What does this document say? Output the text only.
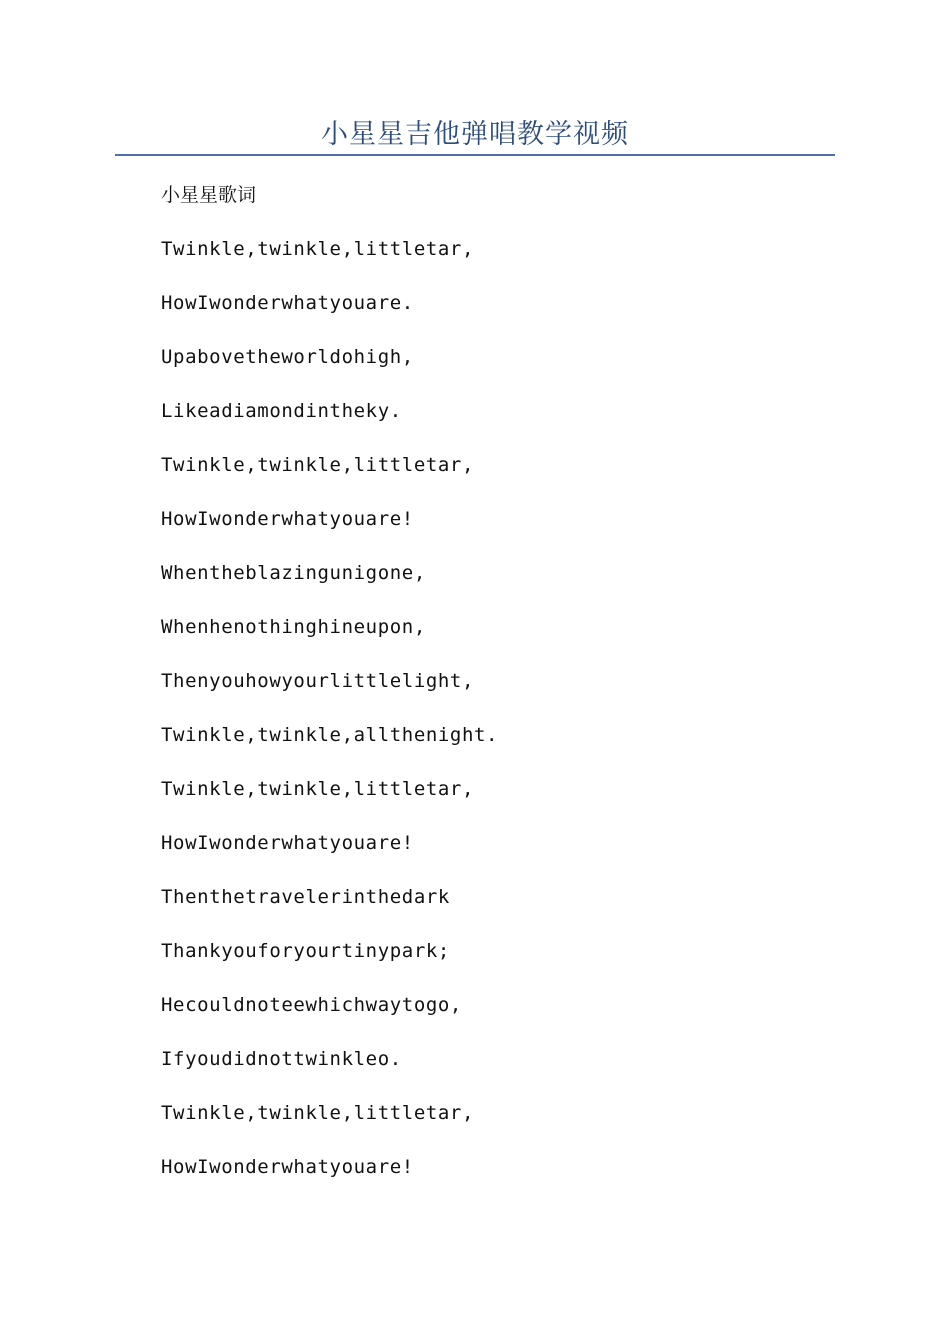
小星星吉他弹唱教学视频

小星星歌词

Twinkle,twinkle,littletar,
HowIwonderwhatyouare.
Upabovetheworldohigh,
Likeadiamondintheky.
Twinkle,twinkle,littletar,
HowIwonderwhatyouare!
Whentheblazingunigone,
Whenhenothinghineupon,
Thenyouhowyourlittlelight,
Twinkle,twinkle,allthenight.
Twinkle,twinkle,littletar,
HowIwonderwhatyouare!
Thenthetravelerinthedark
Thankyouforyourtinypark;
Hecouldnoteewhichwaytogo,
Ifyoudidnottwinkleo.
Twinkle,twinkle,littletar,
HowIwonderwhatyouare!
